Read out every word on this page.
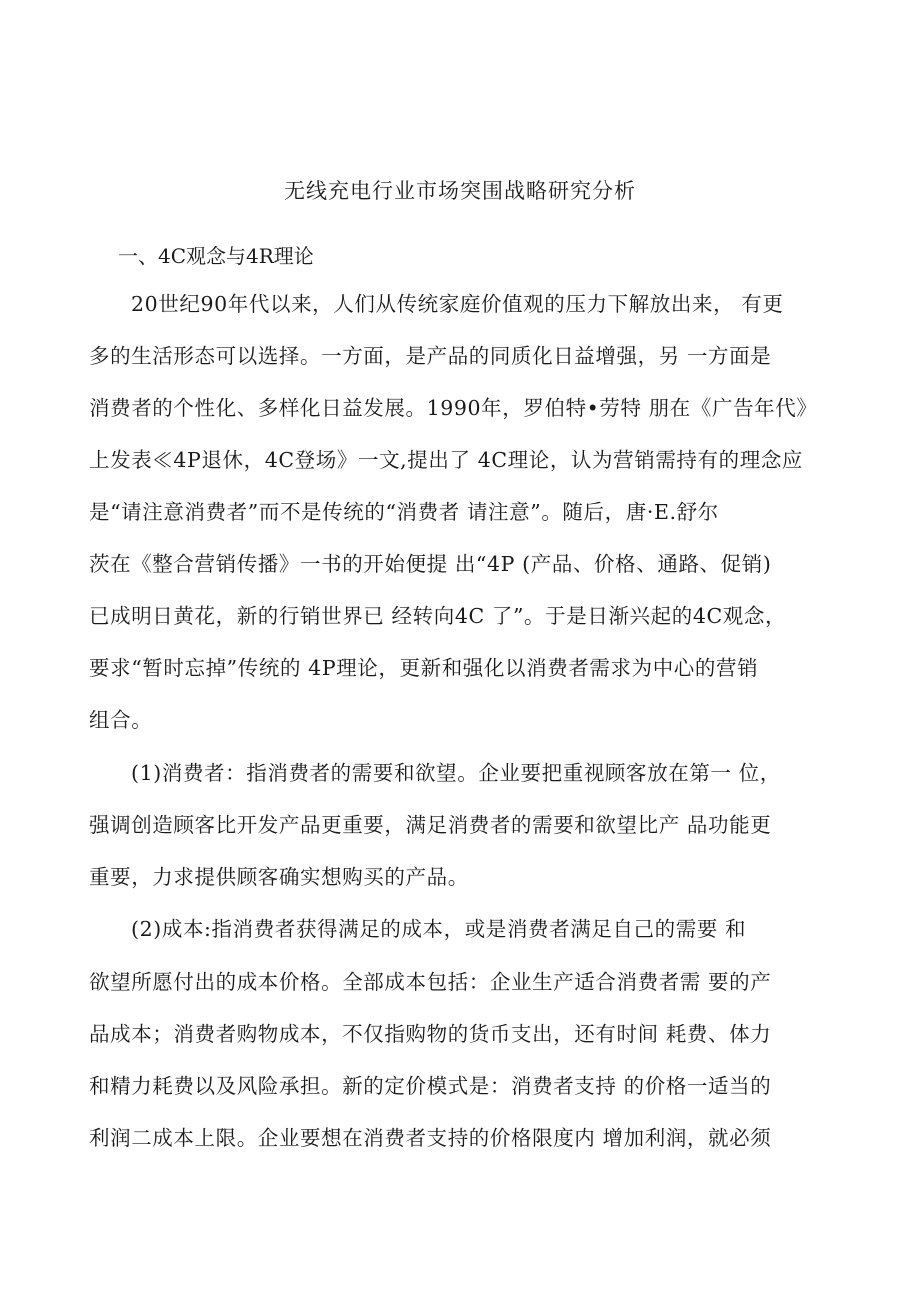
无线充电行业市场突围战略研究分析
一、4C观念与4R理论
20世纪90年代以来，人们从传统家庭价值观的压力下解放出来， 有更
多的生活形态可以选择。一方面，是产品的同质化日益增强，另 一方面是
消费者的个性化、多样化日益发展。1990年，罗伯特•劳特 朋在《广告年代》
上发表≪4P退休，4C登场》一文,提出了 4C理论，认为营销需持有的理念应
是“请注意消费者”而不是传统的“消费者 请注意”。随后，唐·E.舒尔
茨在《整合营销传播》一书的开始便提 出“4P (产品、价格、通路、促销)
已成明日黄花，新的行销世界已 经转向4C 了”。于是日渐兴起的4C观念，
要求“暂时忘掉”传统的 4P理论，更新和强化以消费者需求为中心的营销
组合。
(1)消费者：指消费者的需要和欲望。企业要把重视顾客放在第一 位，
强调创造顾客比开发产品更重要，满足消费者的需要和欲望比产 品功能更
重要，力求提供顾客确实想购买的产品。
(2)成本:指消费者获得满足的成本，或是消费者满足自己的需要 和
欲望所愿付出的成本价格。全部成本包括：企业生产适合消费者需 要的产
品成本；消费者购物成本，不仅指购物的货币支出，还有时间 耗费、体力
和精力耗费以及风险承担。新的定价模式是：消费者支持 的价格一适当的
利润二成本上限。企业要想在消费者支持的价格限度内 增加利润，就必须
